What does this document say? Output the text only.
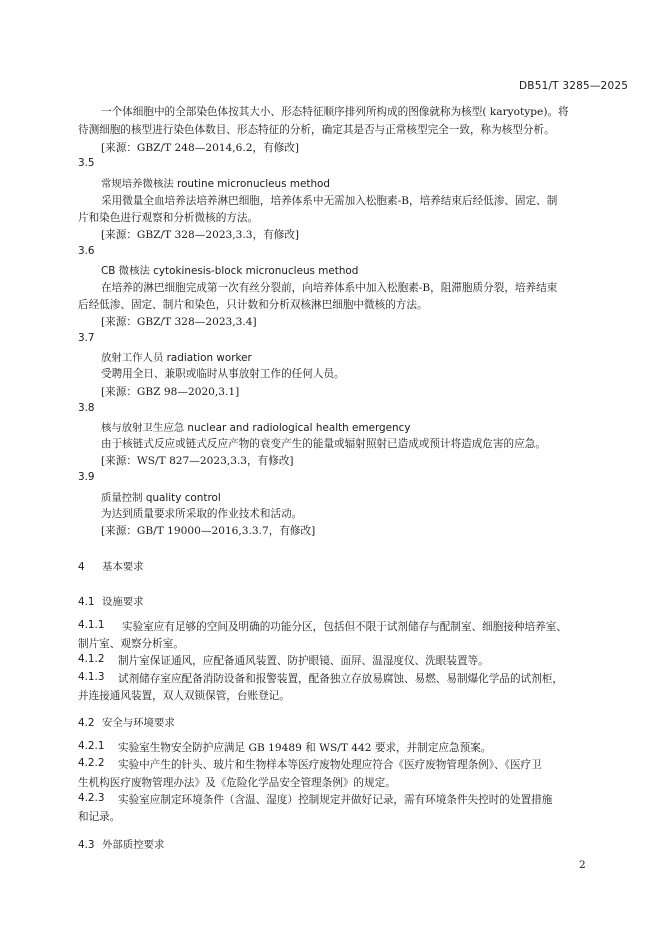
DB51/T 3285—2025
一个体细胞中的全部染色体按其大小、形态特征顺序排列所构成的图像就称为核型( karyotype)。将
待测细胞的核型进行染色体数目、形态特征的分析，确定其是否与正常核型完全一致，称为核型分析。
[来源：GBZ/T 248—2014,6.2，有修改]
3.5
常规培养微核法 routine micronucleus method
采用微量全血培养法培养淋巴细胞，培养体系中无需加入松胞素-B，培养结束后经低渗、固定、制
片和染色进行观察和分析微核的方法。
[来源：GBZ/T 328—2023,3.3，有修改]
3.6
CB 微核法 cytokinesis-block micronucleus method
在培养的淋巴细胞完成第一次有丝分裂前，向培养体系中加入松胞素-B，阻滞胞质分裂，培养结束
后经低渗、固定、制片和染色，只计数和分析双核淋巴细胞中微核的方法。
[来源：GBZ/T 328—2023,3.4]
3.7
放射工作人员 radiation worker
受聘用全日、兼职或临时从事放射工作的任何人员。
[来源：GBZ 98—2020,3.1]
3.8
核与放射卫生应急 nuclear and radiological health emergency
由于核链式反应或链式反应产物的衰变产生的能量或辐射照射已造成或预计将造成危害的应急。
[来源：WS/T 827—2023,3.3，有修改]
3.9
质量控制 quality control
为达到质量要求所采取的作业技术和活动。
[来源：GB/T 19000—2016,3.3.7，有修改]
4 基本要求
4.1 设施要求
4.1.1 实验室应有足够的空间及明确的功能分区，包括但不限于试剂储存与配制室、细胞接种培养室、
制片室、观察分析室。
4.1.2 制片室保证通风，应配备通风装置、防护眼镜、面屏、温湿度仪、洗眼装置等。
4.1.3 试剂储存室应配备消防设备和报警装置，配备独立存放易腐蚀、易燃、易制爆化学品的试剂柜，
并连接通风装置，双人双锁保管，台账登记。
4.2 安全与环境要求
4.2.1 实验室生物安全防护应满足 GB 19489 和 WS/T 442 要求，并制定应急预案。
4.2.2 实验中产生的针头、玻片和生物样本等医疗废物处理应符合《医疗废物管理条例》、《医疗卫
生机构医疗废物管理办法》及《危险化学品安全管理条例》的规定。
4.2.3 实验室应制定环境条件（含温、湿度）控制规定并做好记录，需有环境条件失控时的处置措施
和记录。
4.3 外部质控要求
2
